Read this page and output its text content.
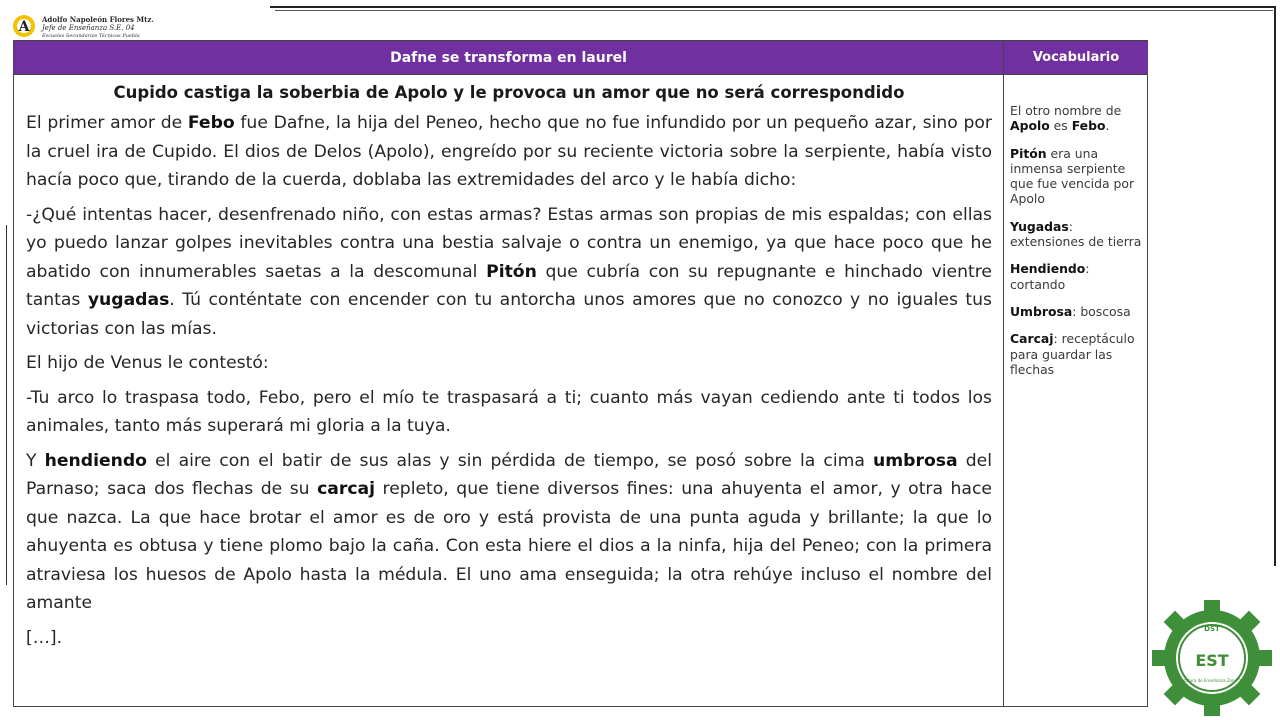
A Adolfo Napoleón Flores Mtz.
Jefe de Enseñanza S.E. 04
Escuelas Secundarias Técnicas Puebla
Dafne se transforma en laurel	Vocabulario
Cupido castiga la soberbia de Apolo y le provoca un amor que no será correspondido

El primer amor de Febo fue Dafne, la hija del Peneo, hecho que no fue infundido por un pequeño azar, sino por la cruel ira de Cupido. El dios de Delos (Apolo), engreído por su reciente victoria sobre la serpiente, había visto hacía poco que, tirando de la cuerda, doblaba las extremidades del arco y le había dicho:

-¿Qué intentas hacer, desenfrenado niño, con estas armas? Estas armas son propias de mis espaldas; con ellas yo puedo lanzar golpes inevitables contra una bestia salvaje o contra un enemigo, ya que hace poco que he abatido con innumerables saetas a la descomunal Pitón que cubría con su repugnante e hinchado vientre tantas yugadas. Tú conténtate con encender con tu antorcha unos amores que no conozco y no iguales tus victorias con las mías.

El hijo de Venus le contestó:

-Tu arco lo traspasa todo, Febo, pero el mío te traspasará a ti; cuanto más vayan cediendo ante ti todos los animales, tanto más superará mi gloria a la tuya.

Y hendiendo el aire con el batir de sus alas y sin pérdida de tiempo, se posó sobre la cima umbrosa del Parnaso; saca dos flechas de su carcaj repleto, que tiene diversos fines: una ahuyenta el amor, y otra hace que nazca. La que hace brotar el amor es de oro y está provista de una punta aguda y brillante; la que lo ahuyenta es obtusa y tiene plomo bajo la caña. Con esta hiere el dios a la ninfa, hija del Peneo; con la primera atraviesa los huesos de Apolo hasta la médula. El uno ama enseguida; la otra rehúye incluso el nombre del amante

[…].

El otro nombre de Apolo es Febo.

Pitón era una inmensa serpiente que fue vencida por Apolo

Yugadas: extensiones de tierra

Hendiendo: cortando

Umbrosa: boscosa

Carcaj: receptáculo para guardar las flechas

DST
EST
Jefatura de Enseñanza Zona 04
